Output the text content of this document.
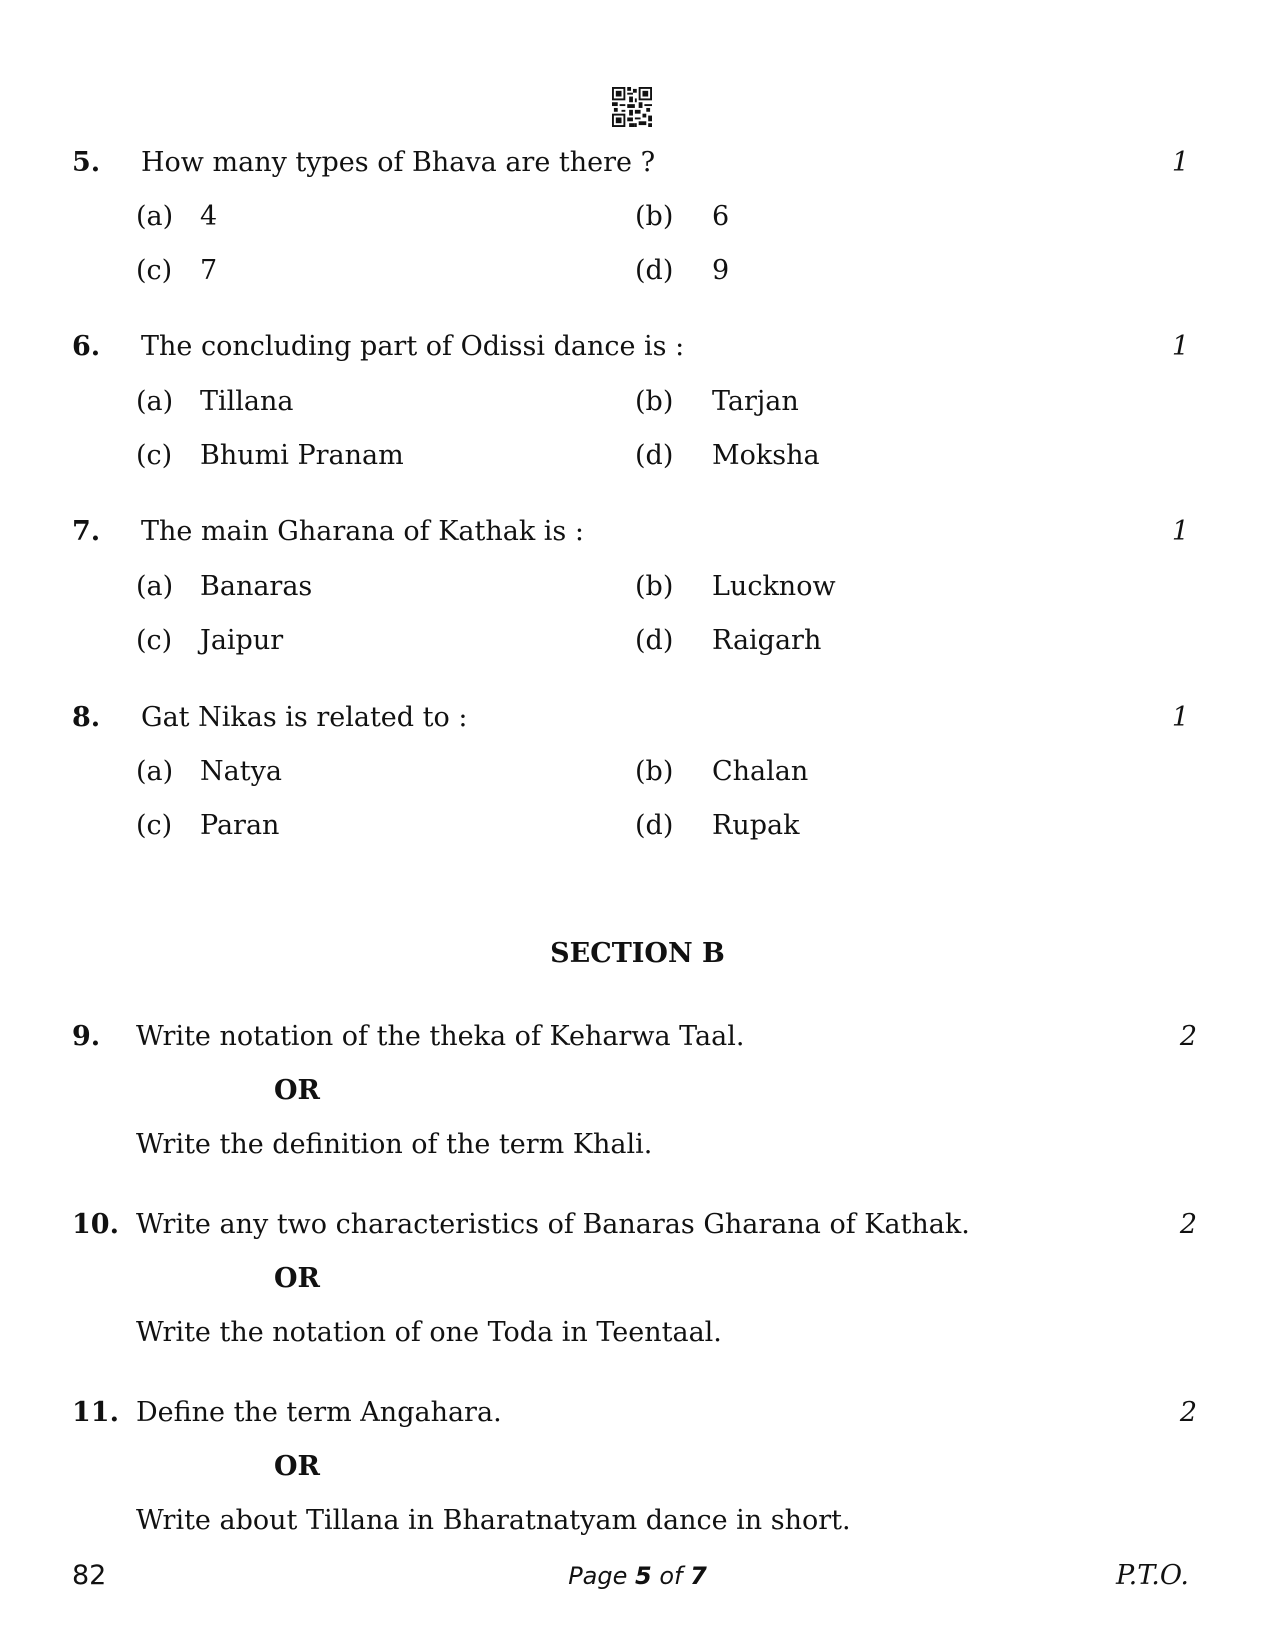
5. How many types of Bhava are there ?	1
(a) 4	(b) 6
(c) 7	(d) 9
6. The concluding part of Odissi dance is :	1
(a) Tillana	(b) Tarjan
(c) Bhumi Pranam	(d) Moksha
7. The main Gharana of Kathak is :	1
(a) Banaras	(b) Lucknow
(c) Jaipur	(d) Raigarh
8. Gat Nikas is related to :	1
(a) Natya	(b) Chalan
(c) Paran	(d) Rupak
SECTION B
9. Write notation of the theka of Keharwa Taal.	2
OR
Write the definition of the term Khali.
10. Write any two characteristics of Banaras Gharana of Kathak.	2
OR
Write the notation of one Toda in Teentaal.
11. Define the term Angahara.	2
OR
Write about Tillana in Bharatnatyam dance in short.
82	Page 5 of 7	P.T.O.
